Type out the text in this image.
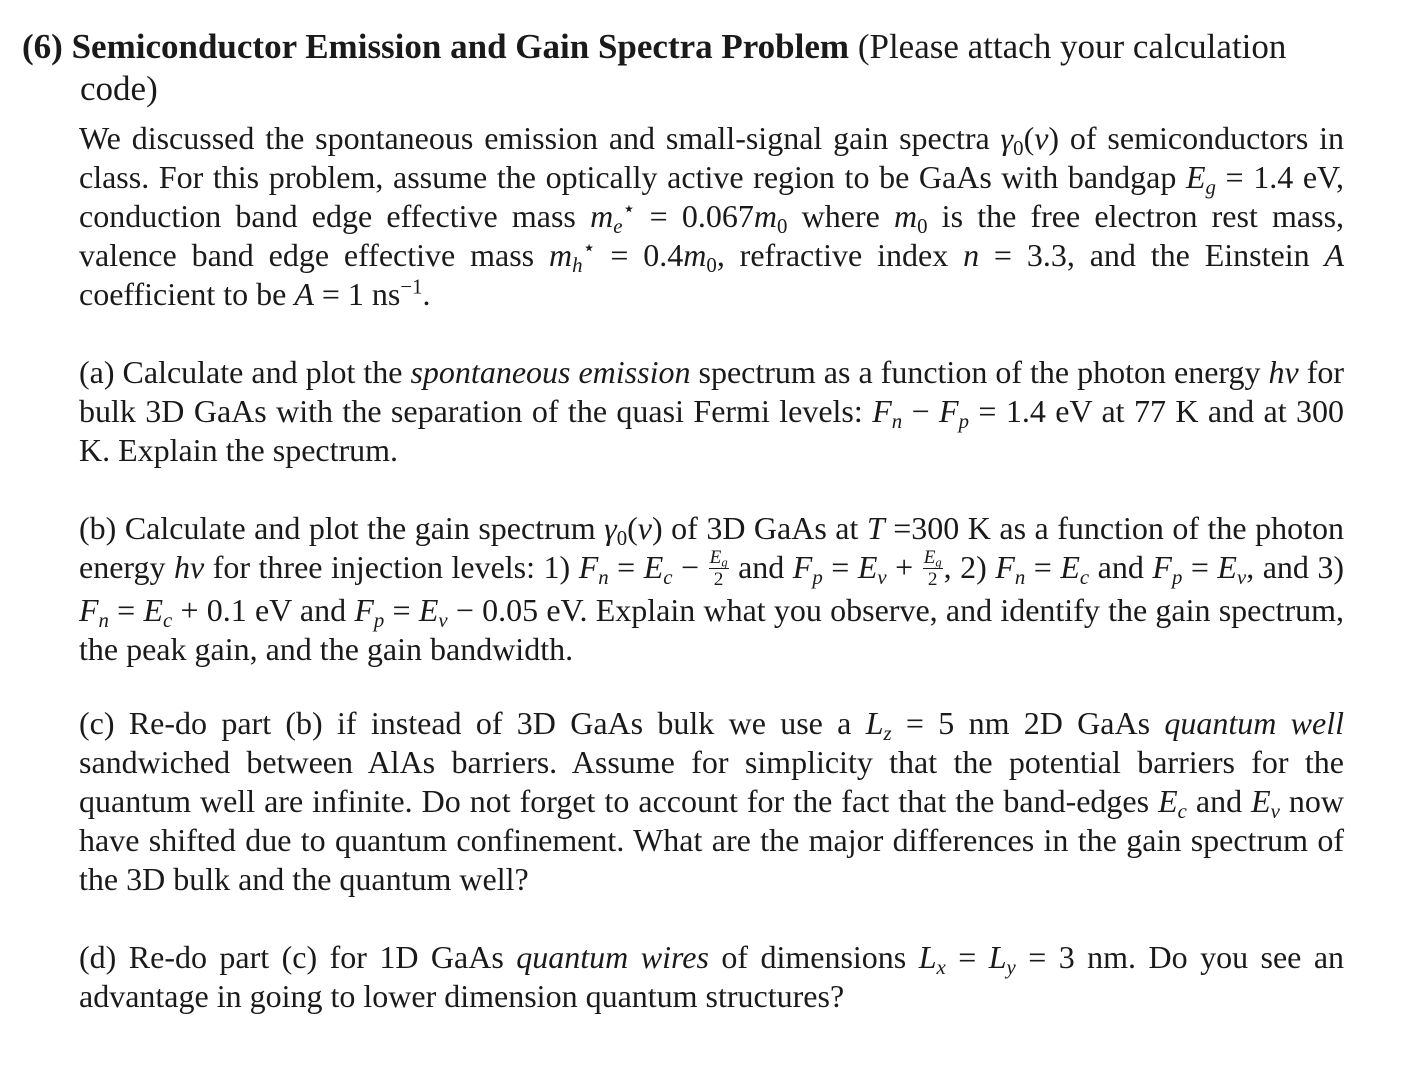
(6) Semiconductor Emission and Gain Spectra Problem (Please attach your calculation
code)

We discussed the spontaneous emission and small-signal gain spectra $\gamma_0(\nu)$ of semiconductors in class. For this problem, assume the optically active region to be GaAs with bandgap $E_g = 1.4$ eV, conduction band edge effective mass $m_e^⋆ = 0.067m_0$ where $m_0$ is the free electron rest mass, valence band edge effective mass $m_h^⋆ = 0.4m_0$, refractive index n = 3.3, and the Einstein A coefficient to be A = 1 $ns^{-1}$.

(a) Calculate and plot the spontaneous emission spectrum as a function of the photon energy hν for bulk 3D GaAs with the separation of the quasi Fermi levels: $F_n - F_p = 1.4$ eV at 77 K and at 300 K. Explain the spectrum.

(b) Calculate and plot the gain spectrum $\gamma_0(\nu)$ of 3D GaAs at T =300 K as a function of the photon energy hν for three injection levels: 1) $F_n = E_c - \frac{E_g}{2}$ and $F_p = E_v + \frac{E_g}{2}$ , 2) $F_n = E_c$ and $F_p = E_v$, and 3) $F_n = E_c + 0.1$ eV and $F_p = E_v - 0.05$ eV. Explain what you observe, and identify the gain spectrum, the peak gain, and the gain bandwidth.

(c) Re-do part (b) if instead of 3D GaAs bulk we use a $L_z = 5$ nm 2D GaAs quantum well sandwiched between AlAs barriers. Assume for simplicity that the potential barriers for the quantum well are infinite. Do not forget to account for the fact that the band-edges $E_c$ and $E_v$ now have shifted due to quantum confinement. What are the major differences in the gain spectrum of the 3D bulk and the quantum well?

(d) Re-do part (c) for 1D GaAs quantum wires of dimensions $L_x = L_y = 3$ nm. Do you see an advantage in going to lower dimension quantum structures?
